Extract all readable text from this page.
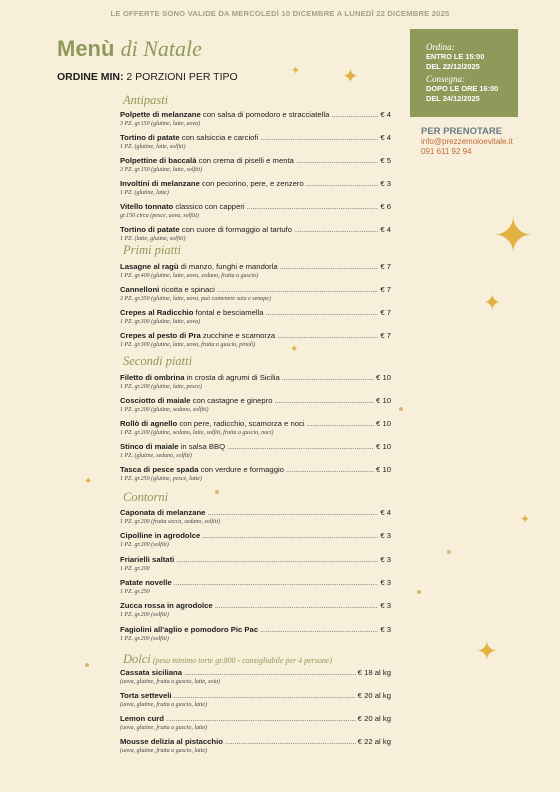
LE OFFERTE SONO VALIDE DA MERCOLEDÌ 10 DICEMBRE A LUNEDÌ 22 DICEMBRE 2025
Menù di Natale
ORDINE MIN: 2 PORZIONI PER TIPO
Ordina:
ENTRO LE 15:00
DEL 22/12/2025
Consegna:
DOPO LE ORE 16:00
DEL 24/12/2025
PER PRENOTARE
info@prezzemoloevitale.it
091 611 92 94
✦
✦
✦
✦
✦
✦
✦
✦
Antipasti
Polpette di melanzane con salsa di pomodoro e stracciatella . . .	€ 4
3 PZ. gr.150 (glutine, latte, uova)
Tortino di patate con salsiccia e carciofi . . .	€ 4
1 PZ. (glutine, latte, solfiti)
Polpettine di baccalà con crema di piselli e menta . . .	€ 5
3 PZ. gr.150 (glutine, latte, solfiti)
Involtini di melanzane con pecorino, pere, e zenzero . . .	€ 3
1 PZ. (glutine, latte)
Vitello tonnato classico con capperi . . .	€ 6
gr.150 circa (pesce, uova, solfiti)
Tortino di patate con cuore di formaggio al tartufo . . .	€ 4
1 PZ. (latte, glutine, solfiti)
Primi piatti
Lasagne al ragù di manzo, funghi e mandorla . . .	€ 7
1 PZ. gr.400 (glutine, latte, uova, sedano, frutta a guscio)
Cannelloni ricotta e spinaci . . .	€ 7
3 PZ. gr.350 (glutine, latte, uova, può contenere soia e senape)
Crepes al Radicchio fontal e besciamella . . .	€ 7
1 PZ. gr.300 (glutine, latte, uova)
Crepes al pesto di Pra zucchine e scamorza . . .	€ 7
1 PZ. gr.300 (glutine, latte, uova, frutta a guscio, pinoli)
Secondi piatti
Filetto di ombrina in crosta di agrumi di Sicilia . . .	€ 10
1 PZ. gr.200 (glutine, latte, pesce)
Cosciotto di maiale con castagne e ginepro . . .	€ 10
1 PZ. gr.200 (glutine, sedano, solfiti)
Rollò di agnello con pere, radicchio, scamorza e noci . . .	€ 10
1 PZ. gr.200 (glutine, sedano, latte, solfiti, frutta a guscio, noci)
Stinco di maiale in salsa BBQ . . .	€ 10
1 PZ. (glutine, sedano, solfiti)
Tasca di pesce spada con verdure e formaggio . . .	€ 10
1 PZ. gr.250 (glutine, pesce, latte)
Contorni
Caponata di melanzane . . .	€ 4
1 PZ. gr.200 (frutta secca, sedano, solfiti)
Cipolline in agrodolce . . .	€ 3
1 PZ. gr.200 (solfiti)
Friarielli saltati . . .	€ 3
1 PZ. gr.200
Patate novelle . . .	€ 3
1 PZ. gr.250
Zucca rossa in agrodolce . . .	€ 3
1 PZ. gr.200 (solfiti)
Fagiolini all'aglio e pomodoro Pic Pac . . .	€ 3
1 PZ. gr.200 (solfiti)
Dolci (peso minimo torte gr.800 - consigliabile per 4 persone)
Cassata siciliana . . .	€ 18 al kg
(uova, glutine, frutta a guscio, latte, soia)
Torta setteveli . . .	€ 20 al kg
(uova, glutine, frutta a guscio, latte)
Lemon curd . . .	€ 20 al kg
(uova, glutine, frutta a guscio, latte)
Mousse delizia al pistacchio . . .	€ 22 al kg
(uova, glutine, frutta a guscio, latte)
